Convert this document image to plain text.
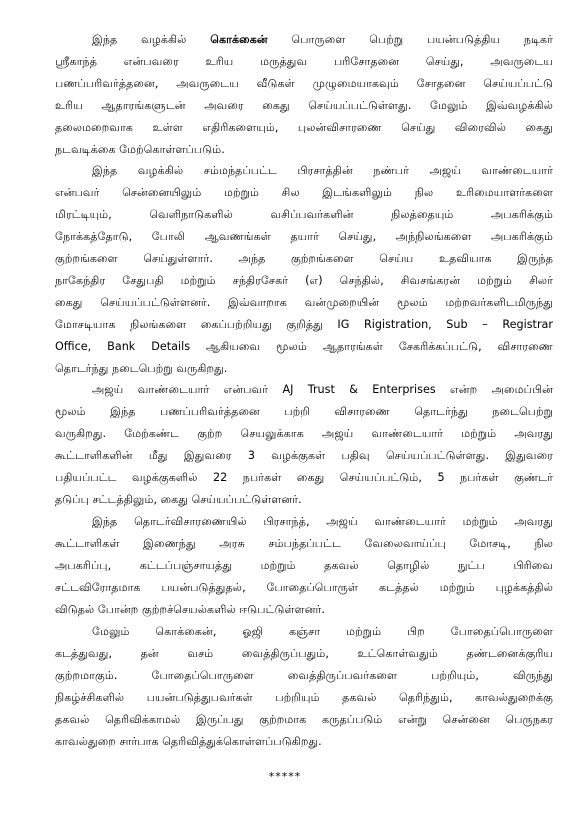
இந்த வழக்கில் கொக்கைன் பொருளை பெற்று பயன்படுத்திய நடிகர்
ஸ்ரீகாந்த் என்பவரை உரிய மருத்துவ பரிசோதனை செய்து, அவருடைய
பணப்பரிவர்த்தனை, அவருடைய வீடுகள் முழுமையாகவும் சோதனை செய்யப்பட்டு
உரிய ஆதாரங்களுடன் அவரை கைது செய்யப்பட்டுள்ளது. மேலும் இவ்வழக்கில்
தலைமறைவாக உள்ள எதிரிகளையும், புலன்விசாரணை செய்து விரைவில் கைது
நடவடிக்கை மேற்கொள்ளப்படும்.
இந்த வழக்கில் சம்மந்தப்பட்ட பிரசாத்தின் நண்பர் அஜய் வாண்டையார்
என்பவர் சென்னையிலும் மற்றும் சில இடங்களிலும் நில உரிமையாளர்களை
மிரட்டியும், வெளிநாடுகளில் வசிப்பவர்களின் நிலத்தையும் அபகரிக்கும்
நோக்கத்தோடு, போலி ஆவணங்கள் தயார் செய்து, அந்நிலங்களை அபகரிக்கும்
குற்றங்களை செய்துள்ளார். அந்த குற்றங்களை செய்ய உதவியாக இருந்த
நாகேந்திர சேதுபதி மற்றும் சந்திரசேகர் (எ) செந்தில், சிவசங்கரன் மற்றும் சிலர்
கைது செய்யப்பட்டுள்ளனர். இவ்வாறாக வன்முறையின் மூலம் மற்றவர்களிடமிருந்து
மோசடியாக நிலங்களை கைப்பற்றியது குறித்து IG Rigistration, Sub – Registrar
Office, Bank Details ஆகியவை மூலம் ஆதாரங்கள் சேகரிக்கப்பட்டு, விசாரணை
தொடர்ந்து நடைபெற்று வருகிறது.
அஜய் வாண்டையார் என்பவர் AJ Trust & Enterprises என்ற அமைப்பின்
மூலம் இந்த பணப்பரிவர்த்தனை பற்றி விசாரணை தொடர்ந்து நடைபெற்று
வருகிறது. மேற்கண்ட குற்ற செயலுக்காக அஜய் வாண்டையார் மற்றும் அவரது
கூட்டாளிகளின் மீது இதுவரை 3 வழக்குகள் பதிவு செய்யப்பட்டுள்ளது. இதுவரை
பதியப்பட்ட வழக்குகளில் 22 நபர்கள் கைது செய்யப்பட்டும், 5 நபர்கள் குண்டர்
தடுப்பு சட்டத்திலும், கைது செய்யப்பட்டுள்ளனர்.
இந்த தொடர்விசாரணையில் பிரசாந்த், அஜய் வாண்டையார் மற்றும் அவரது
கூட்டாளிகள் இணைந்து அரசு சம்பந்தப்பட்ட வேலைவாய்ப்பு மோசடி, நில
அபகரிப்பு, கட்டப்பஞ்சாயத்து மற்றும் தகவல் தொழில் நுட்ப பிரிவை
சட்டவிரோதமாக பயன்படுத்துதல், போதைப்பொருள் கடத்தல் மற்றும் புழக்கத்தில்
விடுதல் போன்ற குற்றச்செயல்களில் ஈடுபட்டுள்ளனர்.
மேலும் கொக்கைன், ஓஜி கஞ்சா மற்றும் பிற போதைப்பொருளை
கடத்துவது, தன் வசம் வைத்திருப்பதும், உட்கொள்வதும் தண்டனைக்குரிய
குற்றமாகும். போதைப்பொருளை வைத்திருப்பவர்களை பற்றியும், விருந்து
நிகழ்ச்சிகளில் பயன்படுத்துபவர்கள் பற்றியும் தகவல் தெரிந்தும், காவல்துறைக்கு
தகவல் தெரிவிக்காமல் இருப்பது குற்றமாக கருதப்படும் என்று சென்னை பெருநகர
காவல்துறை சார்பாக தெரிவித்துக்கொள்ளப்படுகிறது.
*****
